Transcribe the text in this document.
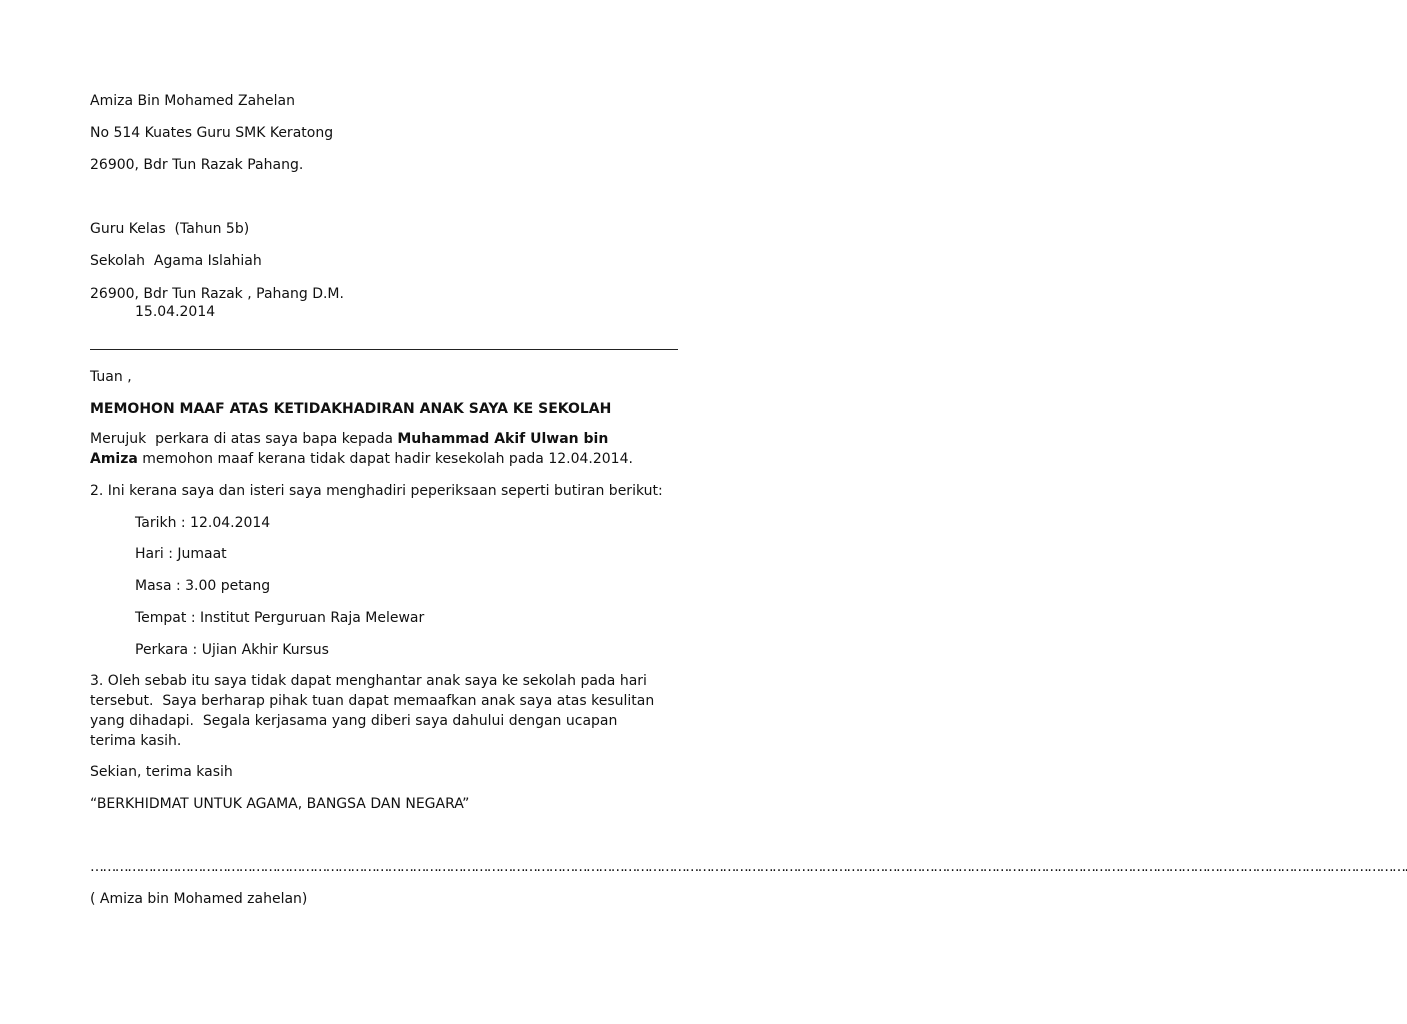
Amiza Bin Mohamed Zahelan
No 514 Kuates Guru SMK Keratong
26900, Bdr Tun Razak Pahang.
Guru Kelas  (Tahun 5b)
Sekolah  Agama Islahiah
26900, Bdr Tun Razak , Pahang D.M.
15.04.2014
Tuan ,
MEMOHON MAAF ATAS KETIDAKHADIRAN ANAK SAYA KE SEKOLAH
Merujuk  perkara di atas saya bapa kepada Muhammad Akif Ulwan bin Amiza memohon maaf kerana tidak dapat hadir kesekolah pada 12.04.2014.
2. Ini kerana saya dan isteri saya menghadiri peperiksaan seperti butiran berikut:
Tarikh : 12.04.2014
Hari : Jumaat
Masa : 3.00 petang
Tempat : Institut Perguruan Raja Melewar
Perkara : Ujian Akhir Kursus
3. Oleh sebab itu saya tidak dapat menghantar anak saya ke sekolah pada hari tersebut.  Saya berharap pihak tuan dapat memaafkan anak saya atas kesulitan yang dihadapi.  Segala kerjasama yang diberi saya dahului dengan ucapan terima kasih.
Sekian, terima kasih
“BERKHIDMAT UNTUK AGAMA, BANGSA DAN NEGARA”
………………………………………………………………………………………………………………………………………………………………………………………………………………………………………………………………………………………….
( Amiza bin Mohamed zahelan)
